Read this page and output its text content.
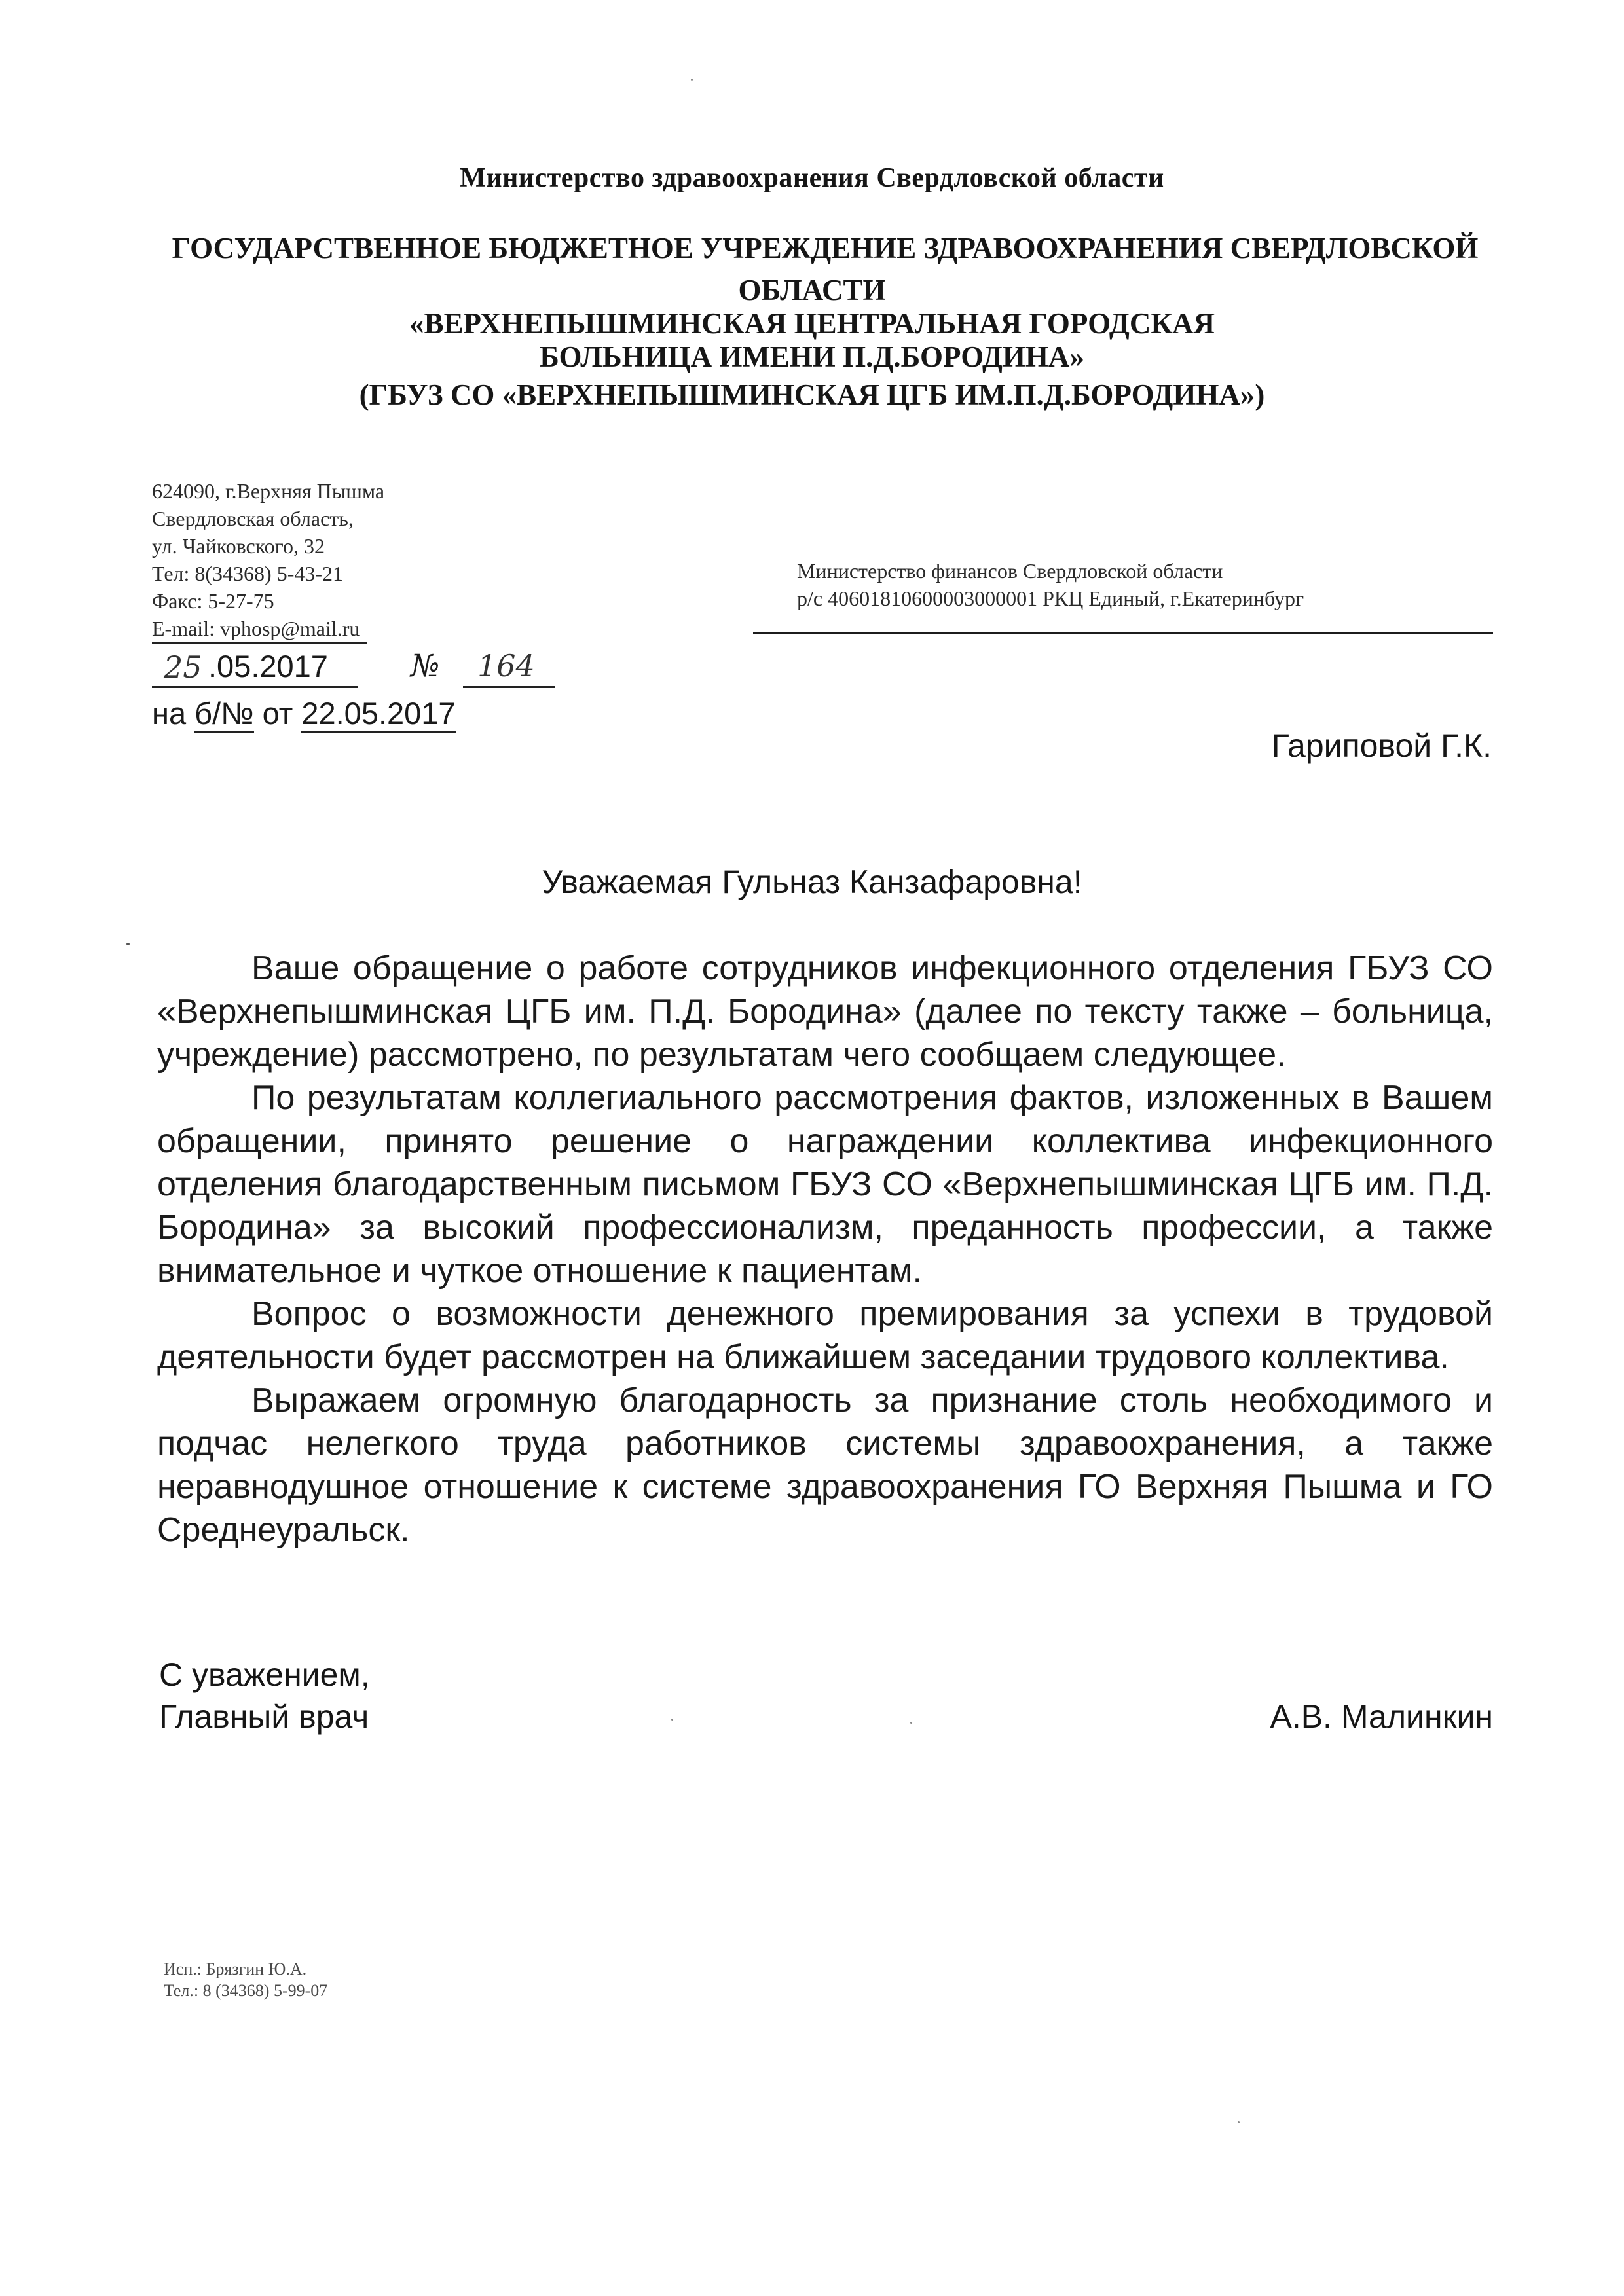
Министерство здравоохранения Свердловской области
ГОСУДАРСТВЕННОЕ БЮДЖЕТНОЕ УЧРЕЖДЕНИЕ ЗДРАВООХРАНЕНИЯ СВЕРДЛОВСКОЙ
ОБЛАСТИ
«ВЕРХНЕПЫШМИНСКАЯ ЦЕНТРАЛЬНАЯ ГОРОДСКАЯ
БОЛЬНИЦА ИМЕНИ П.Д.БОРОДИНА»
(ГБУЗ СО «ВЕРХНЕПЫШМИНСКАЯ ЦГБ ИМ.П.Д.БОРОДИНА»)
624090, г.Верхняя Пышма
Свердловская область,
ул. Чайковского, 32
Тел: 8(34368) 5-43-21
Факс: 5-27-75
E-mail: vphosp@mail.ru
Министерство финансов Свердловской области
р/с 40601810600003000001 РКЦ Единый, г.Екатеринбург
25 .05.2017	№ 164
на б/№ от 22.05.2017
Гариповой Г.К.
Уважаемая Гульназ Канзафаровна!
Ваше обращение о работе сотрудников инфекционного отделения ГБУЗ СО «Верхнепышминская ЦГБ им. П.Д. Бородина» (далее по тексту также – больница, учреждение) рассмотрено, по результатам чего сообщаем следующее.
По результатам коллегиального рассмотрения фактов, изложенных в Вашем обращении, принято решение о награждении коллектива инфекционного отделения благодарственным письмом ГБУЗ СО «Верхнепышминская ЦГБ им. П.Д. Бородина» за высокий профессионализм, преданность профессии, а также внимательное и чуткое отношение к пациентам.
Вопрос о возможности денежного премирования за успехи в трудовой деятельности будет рассмотрен на ближайшем заседании трудового коллектива.
Выражаем огромную благодарность за признание столь необходимого и подчас нелегкого труда работников системы здравоохранения, а также неравнодушное отношение к системе здравоохранения ГО Верхняя Пышма и ГО Среднеуральск.
С уважением,
Главный врач	А.В. Малинкин
Исп.: Брязгин Ю.А.
Тел.: 8 (34368) 5-99-07
